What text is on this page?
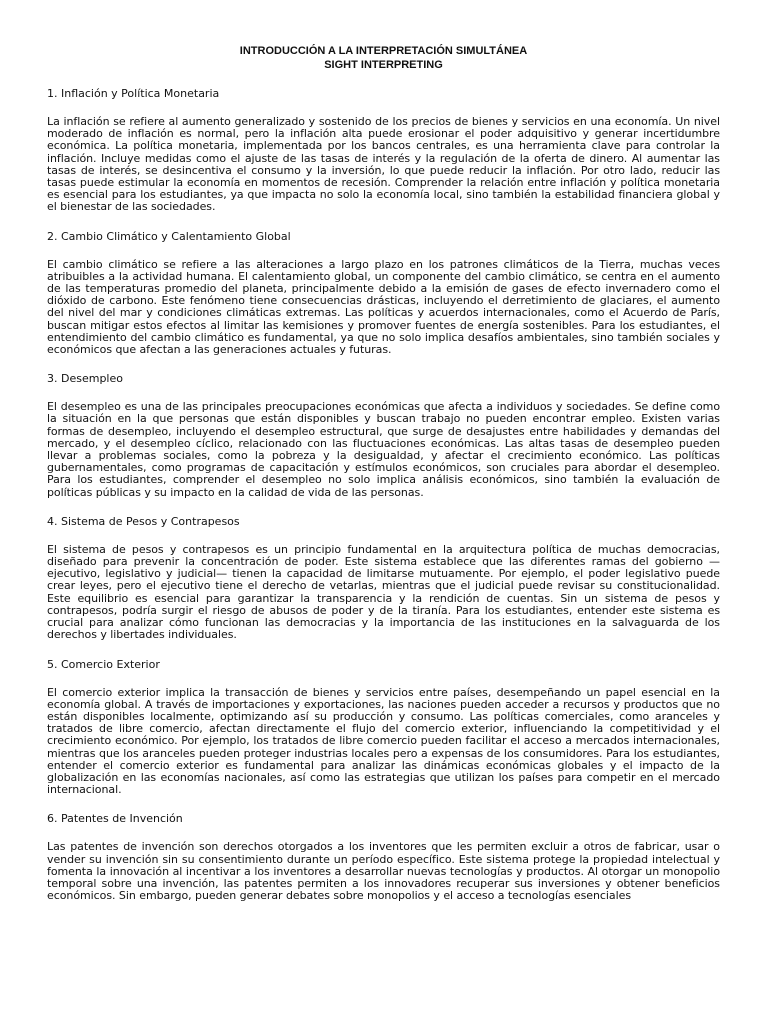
INTRODUCCIÓN A LA INTERPRETACIÓN SIMULTÁNEA
SIGHT INTERPRETING
1. Inflación y Política Monetaria
La inflación se refiere al aumento generalizado y sostenido de los precios de bienes y servicios en una economía. Un nivel moderado de inflación es normal, pero la inflación alta puede erosionar el poder adquisitivo y generar incertidumbre económica. La política monetaria, implementada por los bancos centrales, es una herramienta clave para controlar la inflación. Incluye medidas como el ajuste de las tasas de interés y la regulación de la oferta de dinero. Al aumentar las tasas de interés, se desincentiva el consumo y la inversión, lo que puede reducir la inflación. Por otro lado, reducir las tasas puede estimular la economía en momentos de recesión. Comprender la relación entre inflación y política monetaria es esencial para los estudiantes, ya que impacta no solo la economía local, sino también la estabilidad financiera global y el bienestar de las sociedades.
2. Cambio Climático y Calentamiento Global
El cambio climático se refiere a las alteraciones a largo plazo en los patrones climáticos de la Tierra, muchas veces atribuibles a la actividad humana. El calentamiento global, un componente del cambio climático, se centra en el aumento de las temperaturas promedio del planeta, principalmente debido a la emisión de gases de efecto invernadero como el dióxido de carbono. Este fenómeno tiene consecuencias drásticas, incluyendo el derretimiento de glaciares, el aumento del nivel del mar y condiciones climáticas extremas. Las políticas y acuerdos internacionales, como el Acuerdo de París, buscan mitigar estos efectos al limitar las kemisiones y promover fuentes de energía sostenibles. Para los estudiantes, el entendimiento del cambio climático es fundamental, ya que no solo implica desafíos ambientales, sino también sociales y económicos que afectan a las generaciones actuales y futuras.
3. Desempleo
El desempleo es una de las principales preocupaciones económicas que afecta a individuos y sociedades. Se define como la situación en la que personas que están disponibles y buscan trabajo no pueden encontrar empleo. Existen varias formas de desempleo, incluyendo el desempleo estructural, que surge de desajustes entre habilidades y demandas del mercado, y el desempleo cíclico, relacionado con las fluctuaciones económicas. Las altas tasas de desempleo pueden llevar a problemas sociales, como la pobreza y la desigualdad, y afectar el crecimiento económico. Las políticas gubernamentales, como programas de capacitación y estímulos económicos, son cruciales para abordar el desempleo. Para los estudiantes, comprender el desempleo no solo implica análisis económicos, sino también la evaluación de políticas públicas y su impacto en la calidad de vida de las personas.
4. Sistema de Pesos y Contrapesos
El sistema de pesos y contrapesos es un principio fundamental en la arquitectura política de muchas democracias, diseñado para prevenir la concentración de poder. Este sistema establece que las diferentes ramas del gobierno — ejecutivo, legislativo y judicial— tienen la capacidad de limitarse mutuamente. Por ejemplo, el poder legislativo puede crear leyes, pero el ejecutivo tiene el derecho de vetarlas, mientras que el judicial puede revisar su constitucionalidad. Este equilibrio es esencial para garantizar la transparencia y la rendición de cuentas. Sin un sistema de pesos y contrapesos, podría surgir el riesgo de abusos de poder y de la tiranía. Para los estudiantes, entender este sistema es crucial para analizar cómo funcionan las democracias y la importancia de las instituciones en la salvaguarda de los derechos y libertades individuales.
5. Comercio Exterior
El comercio exterior implica la transacción de bienes y servicios entre países, desempeñando un papel esencial en la economía global. A través de importaciones y exportaciones, las naciones pueden acceder a recursos y productos que no están disponibles localmente, optimizando así su producción y consumo. Las políticas comerciales, como aranceles y tratados de libre comercio, afectan directamente el flujo del comercio exterior, influenciando la competitividad y el crecimiento económico. Por ejemplo, los tratados de libre comercio pueden facilitar el acceso a mercados internacionales, mientras que los aranceles pueden proteger industrias locales pero a expensas de los consumidores. Para los estudiantes, entender el comercio exterior es fundamental para analizar las dinámicas económicas globales y el impacto de la globalización en las economías nacionales, así como las estrategias que utilizan los países para competir en el mercado internacional.
6. Patentes de Invención
Las patentes de invención son derechos otorgados a los inventores que les permiten excluir a otros de fabricar, usar o vender su invención sin su consentimiento durante un período específico. Este sistema protege la propiedad intelectual y fomenta la innovación al incentivar a los inventores a desarrollar nuevas tecnologías y productos. Al otorgar un monopolio temporal sobre una invención, las patentes permiten a los innovadores recuperar sus inversiones y obtener beneficios económicos. Sin embargo, pueden generar debates sobre monopolios y el acceso a tecnologías esenciales
